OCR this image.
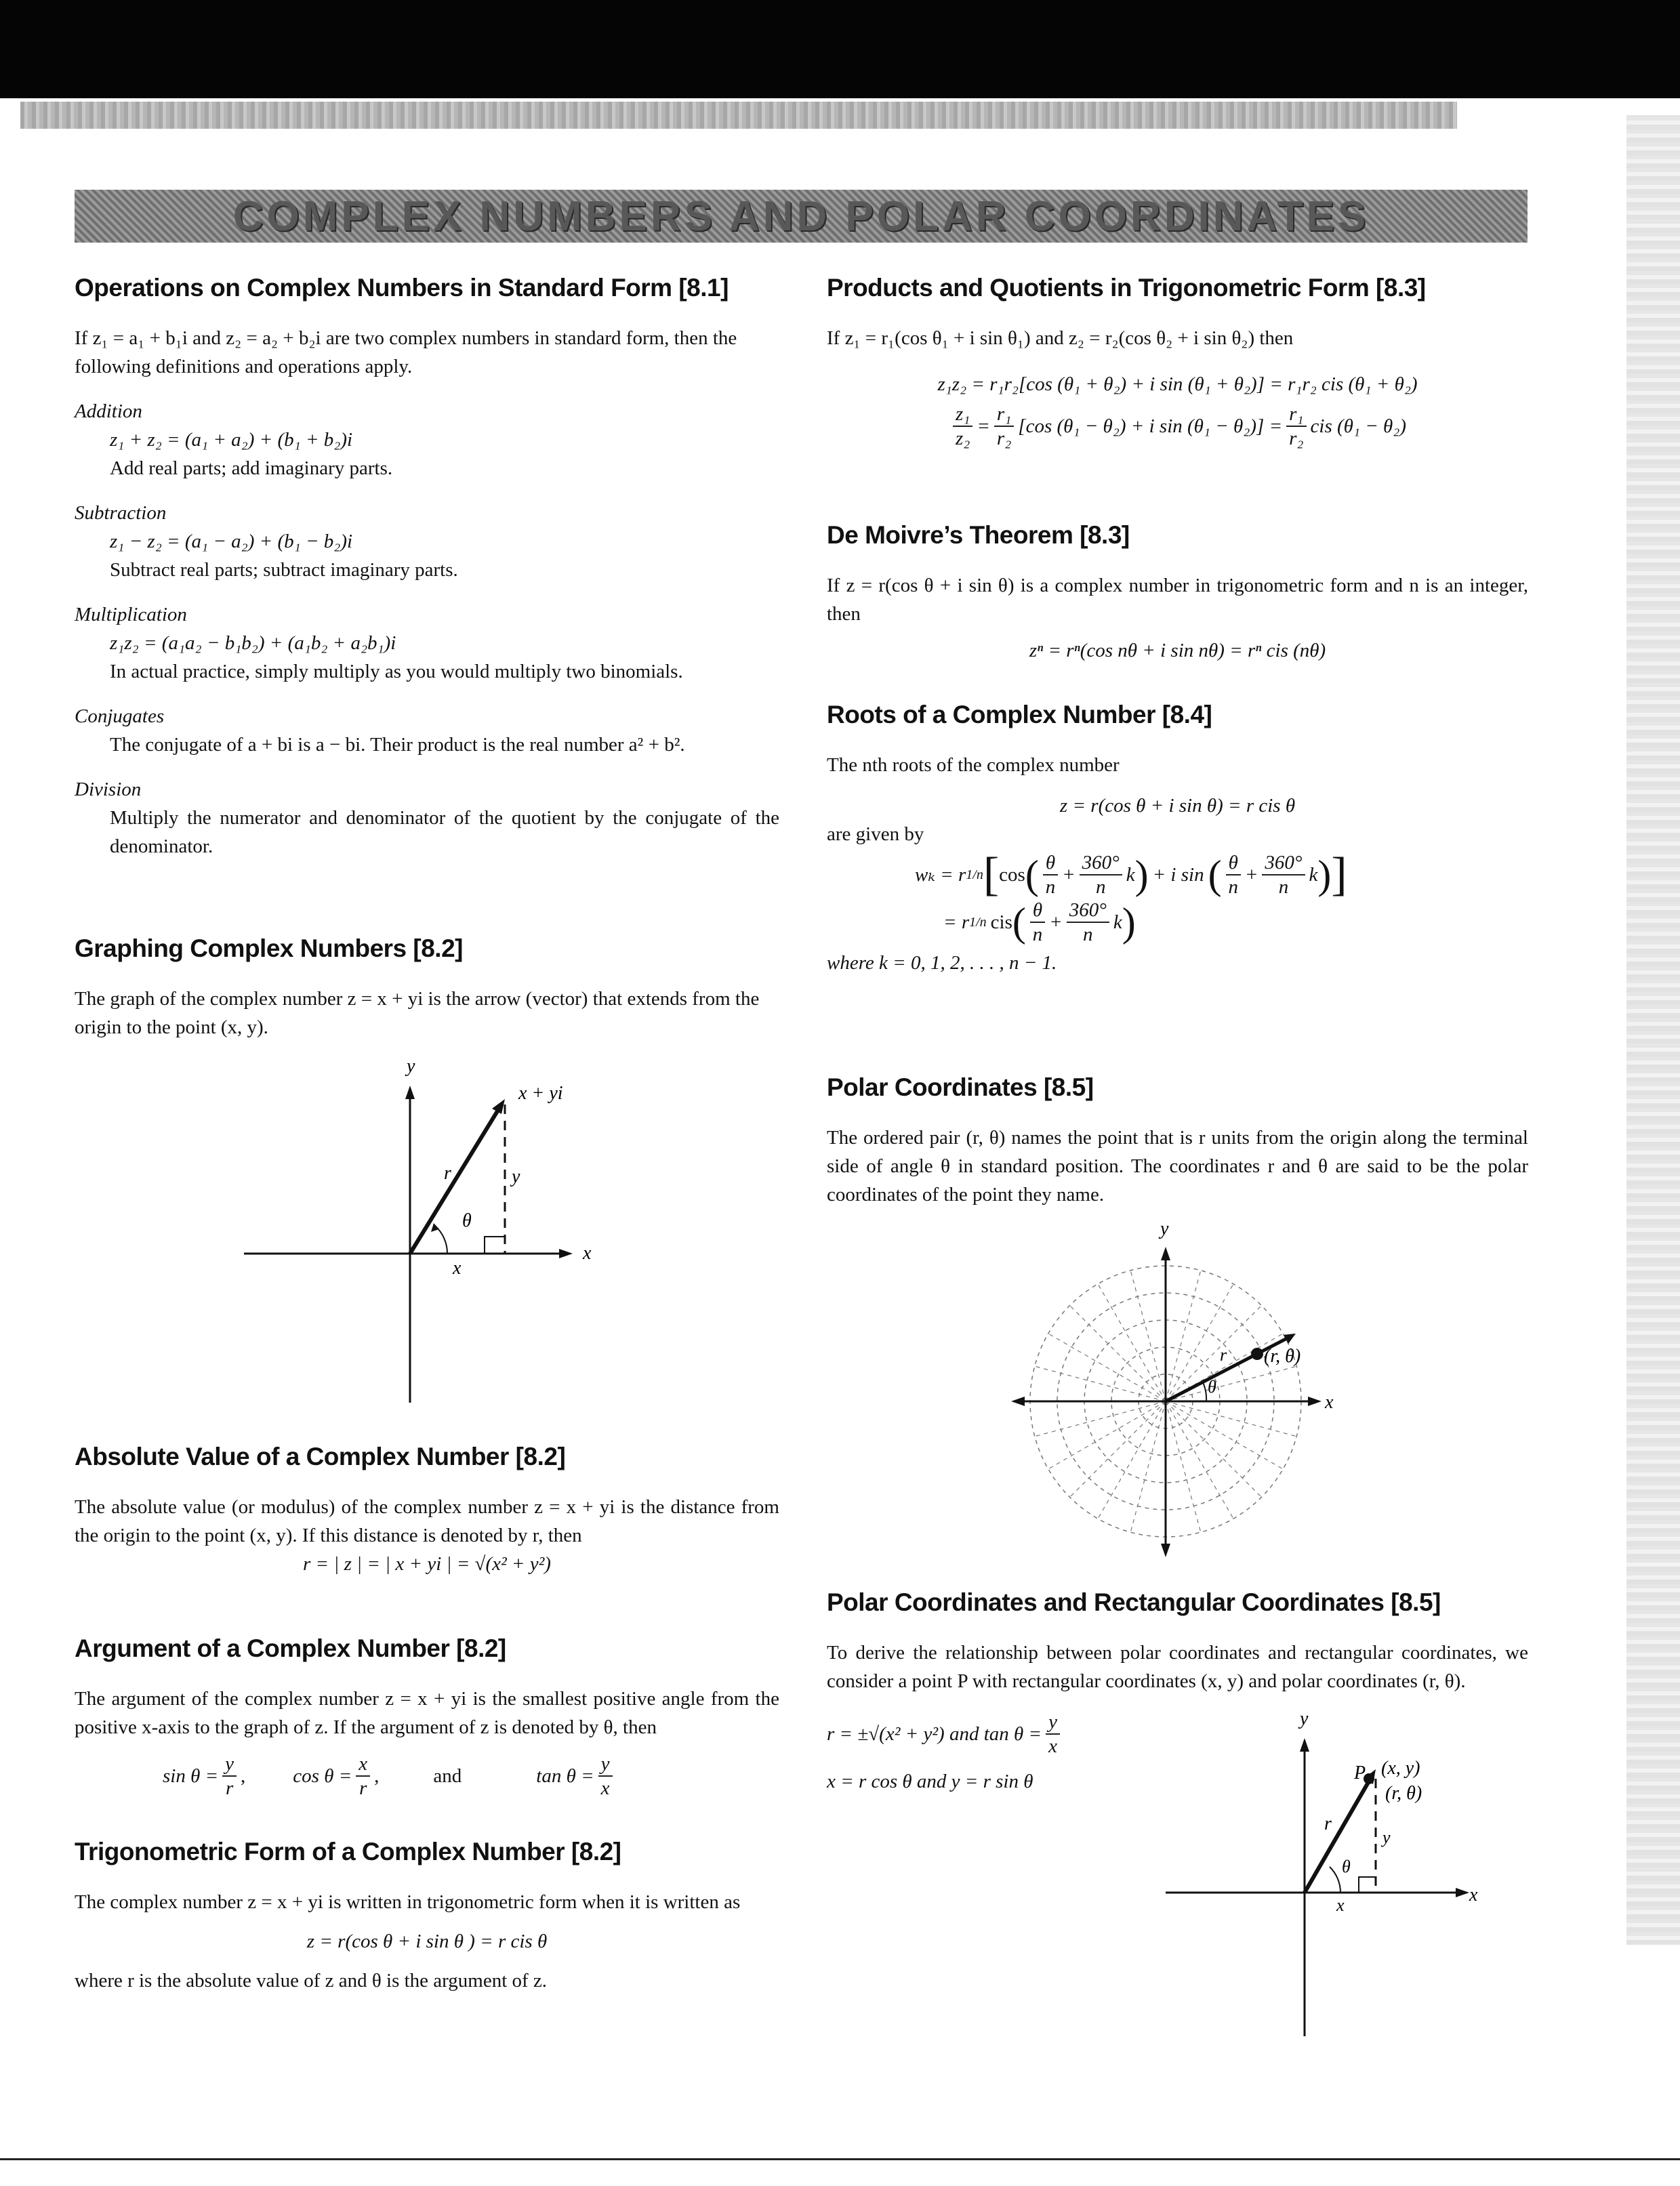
COMPLEX NUMBERS AND POLAR COORDINATES
Operations on Complex Numbers in Standard Form [8.1]

If z₁ = a₁ + b₁i and z₂ = a₂ + b₂i are two complex numbers in standard form, then the following definitions and operations apply.

Addition

z₁ + z₂ = (a₁ + a₂) + (b₁ + b₂)i

Add real parts; add imaginary parts.

Subtraction

z₁ − z₂ = (a₁ − a₂) + (b₁ − b₂)i

Subtract real parts; subtract imaginary parts.

Multiplication

z₁z₂ = (a₁a₂ − b₁b₂) + (a₁b₂ + a₂b₁)i

In actual practice, simply multiply as you would multiply two binomials.

Conjugates

The conjugate of a + bi is a − bi. Their product is the real number a² + b².

Division

Multiply the numerator and denominator of the quotient by the conjugate of the denominator.

Graphing Complex Numbers [8.2]

The graph of the complex number z = x + yi is the arrow (vector) that extends from the origin to the point (x, y).

y
x
x + yi
r
θ
y
x
Absolute Value of a Complex Number [8.2]

The absolute value (or modulus) of the complex number z = x + yi is the distance from the origin to the point (x, y). If this distance is denoted by r, then

r = | z | = | x + yi | = √(x² + y²)

Argument of a Complex Number [8.2]

The argument of the complex number z = x + yi is the smallest positive angle from the positive x-axis to the graph of z. If the argument of z is denoted by θ, then

$\sin \theta = \frac{y}{r}$ , $\cos \theta = \frac{x}{r}$ ,	and	$\tan \theta = \frac{y}{x}$
Trigonometric Form of a Complex Number [8.2]

The complex number z = x + yi is written in trigonometric form when it is written as

z = r(cos θ + i sin θ ) = r cis θ

where r is the absolute value of z and θ is the argument of z.

Products and Quotients in Trigonometric Form [8.3]

If z₁ = r₁(cos θ₁ + i sin θ₁) and z₂ = r₂(cos θ₂ + i sin θ₂) then

z₁z₂ = r₁r₂[cos (θ₁ + θ₂) + i sin (θ₁ + θ₂)] = r₁r₂ cis (θ₁ + θ₂)

$\frac{\text{z₁}}{\text{z₂}} = \frac{\text{r₁}}{\text{r₂}} [\cos$ (θ₁ − θ₂) + i $\sin (\theta_1 - \theta_2)] = \frac{\text{r₁}}{\text{r₂}}$ cis (θ₁ − θ₂)
De Moivre’s Theorem [8.3]

If z = r(cos θ + i sin θ) is a complex number in trigonometric form and n is an integer, then

zⁿ = rⁿ(cos nθ + i sin nθ) = rⁿ cis (nθ)

Roots of a Complex Number [8.4]

The nth roots of the complex number

z = r(cos θ + i sin θ) = r cis θ

are given by

wₖ = r 1/n [ cos ( $\frac{\theta}{n} + \frac{360^\circ}{n}$ k ) + i sin ( $\frac{\theta}{n} + \frac{360^\circ}{n}$ k ) ]
= r 1/n cis ( $\frac{\theta}{n} + \frac{360^\circ}{n}$ k )

where k = 0, 1, 2, . . . , n − 1.

Polar Coordinates [8.5]

The ordered pair (r, θ) names the point that is r units from the origin along the terminal side of angle θ in standard position. The coordinates r and θ are said to be the polar coordinates of the point they name.

y
x
r
θ
(r, θ)
Polar Coordinates and Rectangular Coordinates [8.5]

To derive the relationship between polar coordinates and rectangular coordinates, we consider a point P with rectangular coordinates (x, y) and polar coordinates (r, θ).

r = ±√(x² + y²) and $\tan \theta = \frac{y}{x}$

x = r cos θ and y = r sin θ

y
x
P (x, y)
(r, θ)
r
θ
y
x
